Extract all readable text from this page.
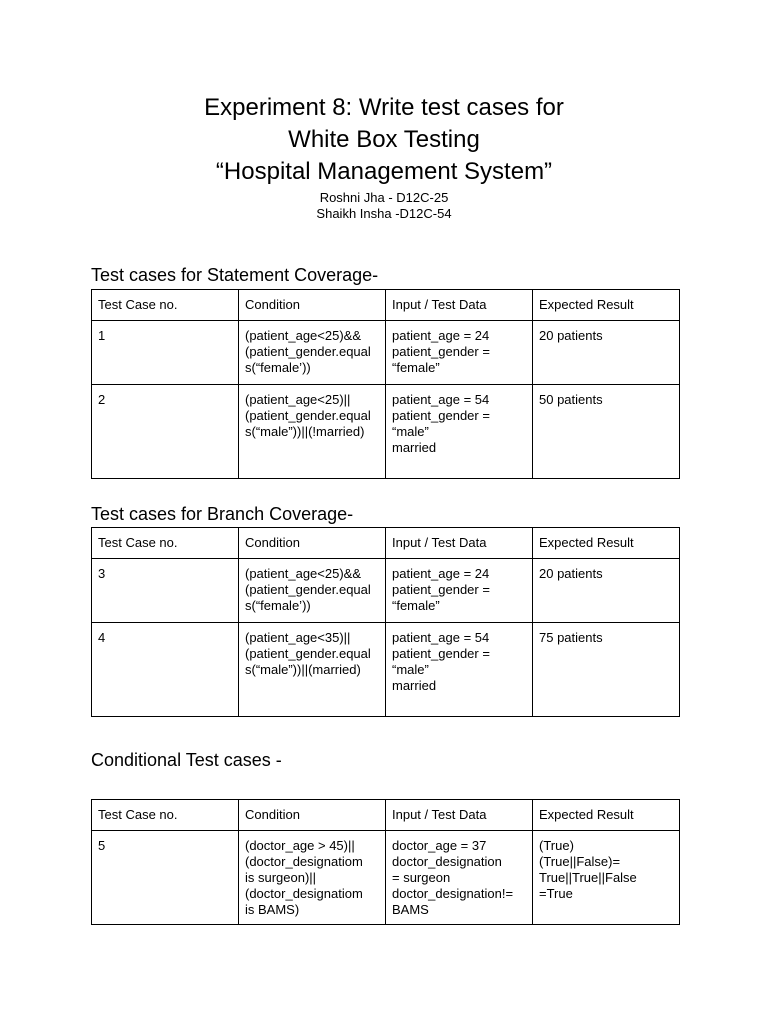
Experiment 8: Write test cases for
White Box Testing
“Hospital Management System”
Roshni Jha - D12C-25
Shaikh Insha -D12C-54
Test cases for Statement Coverage-
Test Case no.	Condition	Input / Test Data	Expected Result
1	(patient_age<25)&&
(patient_gender.equal
s(“female’))	patient_age = 24
patient_gender =
“female”	20 patients

2	(patient_age<25)||
(patient_gender.equal
s(“male”))||(!married)	patient_age = 54
patient_gender =
“male”
married	50 patients
Test cases for Branch Coverage-
Test Case no.	Condition	Input / Test Data	Expected Result
3	(patient_age<25)&&
(patient_gender.equal
s(“female’))	patient_age = 24
patient_gender =
“female”	20 patients

4	(patient_age<35)||
(patient_gender.equal
s(“male”))||(married)	patient_age = 54
patient_gender =
“male”
married	75 patients
Conditional Test cases -
Test Case no.	Condition	Input / Test Data	Expected Result
5	(doctor_age > 45)||
(doctor_designatiom
is surgeon)||
(doctor_designatiom
is BAMS)	doctor_age = 37
doctor_designation
= surgeon
doctor_designation!=
BAMS	(True)
(True||False)=
True||True||False
=True
